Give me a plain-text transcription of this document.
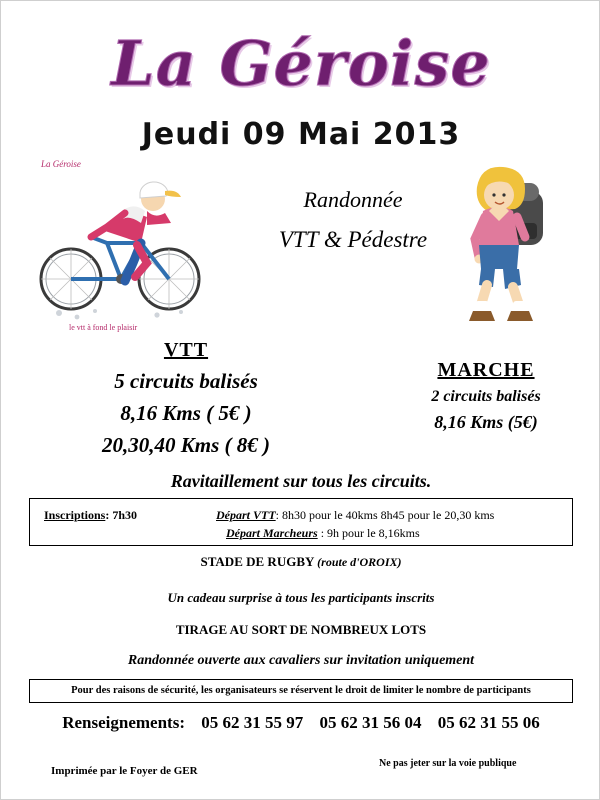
La Géroise
Jeudi 09 Mai 2013
Randonnée
VTT & Pédestre
La Géroise
le vtt à fond le plaisir
VTT
5 circuits balisés
8,16 Kms ( 5€ )
20,30,40 Kms ( 8€ )
MARCHE
2 circuits balisés
8,16 Kms (5€)
Ravitaillement sur tous les circuits.
Inscriptions: 7h30	Départ VTT: 8h30 pour le 40kms 8h45 pour le 20,30 kms
Départ Marcheurs : 9h pour le 8,16kms
STADE DE RUGBY (route d'OROIX)
Un cadeau surprise à tous les participants inscrits
TIRAGE AU SORT DE NOMBREUX LOTS
Randonnée ouverte aux cavaliers sur invitation uniquement
Pour des raisons de sécurité, les organisateurs se réservent le droit de limiter le nombre de participants
Renseignements: 05 62 31 55 97 05 62 31 56 04 05 62 31 55 06
Imprimée par le Foyer de GER
Ne pas jeter sur la voie publique
